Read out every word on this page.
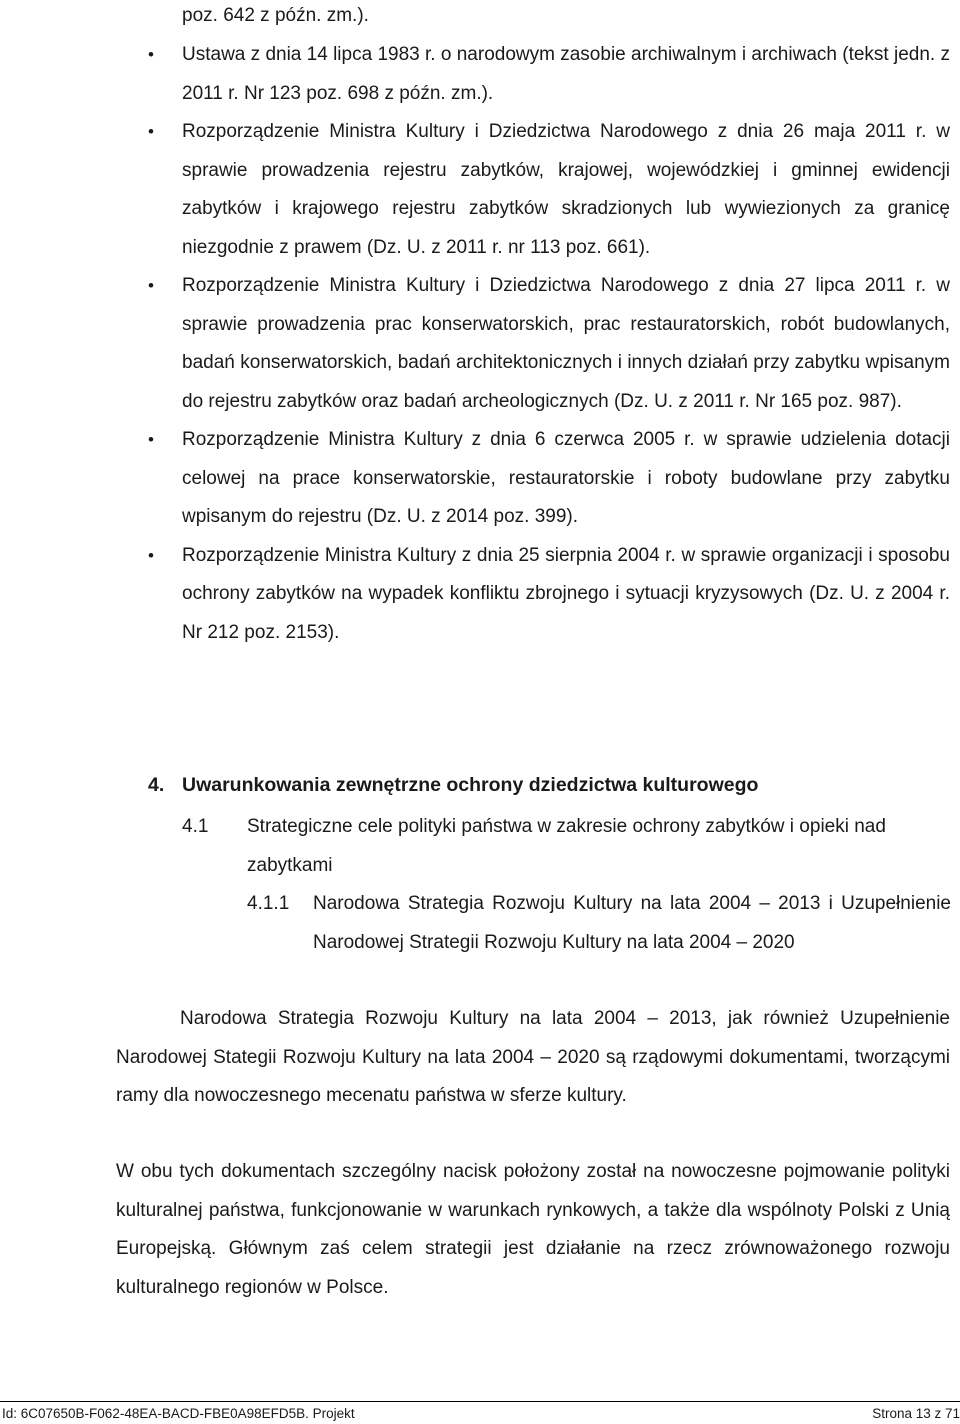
poz. 642 z późn. zm.).
• Ustawa z dnia 14 lipca 1983 r. o narodowym zasobie archiwalnym i archiwach (tekst jedn. z 2011 r. Nr 123 poz. 698 z późn. zm.).
• Rozporządzenie Ministra Kultury i Dziedzictwa Narodowego z dnia 26 maja 2011 r. w sprawie prowadzenia rejestru zabytków, krajowej, wojewódzkiej i gminnej ewidencji zabytków i krajowego rejestru zabytków skradzionych lub wywiezionych za granicę niezgodnie z prawem (Dz. U. z 2011 r. nr 113 poz. 661).
• Rozporządzenie Ministra Kultury i Dziedzictwa Narodowego z dnia 27 lipca 2011 r. w sprawie prowadzenia prac konserwatorskich, prac restauratorskich, robót budowlanych, badań konserwatorskich, badań architektonicznych i innych działań przy zabytku wpisanym do rejestru zabytków oraz badań archeologicznych (Dz. U. z 2011 r. Nr 165 poz. 987).
• Rozporządzenie Ministra Kultury z dnia 6 czerwca 2005 r. w sprawie udzielenia dotacji celowej na prace konserwatorskie, restauratorskie i roboty budowlane przy zabytku wpisanym do rejestru (Dz. U. z 2014 poz. 399).
• Rozporządzenie Ministra Kultury z dnia 25 sierpnia 2004 r. w sprawie organizacji i sposobu ochrony zabytków na wypadek konfliktu zbrojnego i sytuacji kryzysowych (Dz. U. z 2004 r. Nr 212 poz. 2153).
4. Uwarunkowania zewnętrzne ochrony dziedzictwa kulturowego
4.1 Strategiczne cele polityki państwa w zakresie ochrony zabytków i opieki nad zabytkami
4.1.1 Narodowa Strategia Rozwoju Kultury na lata 2004 – 2013 i Uzupełnienie Narodowej Strategii Rozwoju Kultury na lata 2004 – 2020

Narodowa Strategia Rozwoju Kultury na lata 2004 – 2013, jak również Uzupełnienie Narodowej Stategii Rozwoju Kultury na lata 2004 – 2020 są rządowymi dokumentami, tworzącymi ramy dla nowoczesnego mecenatu państwa w sferze kultury.

W obu tych dokumentach szczególny nacisk położony został na nowoczesne pojmowanie polityki kulturalnej państwa, funkcjonowanie w warunkach rynkowych, a także dla wspólnoty Polski z Unią Europejską. Głównym zaś celem strategii jest działanie na rzecz zrównoważonego rozwoju kulturalnego regionów w Polsce.

Id: 6C07650B-F062-48EA-BACD-FBE0A98EFD5B. Projekt	Strona 13 z 71
